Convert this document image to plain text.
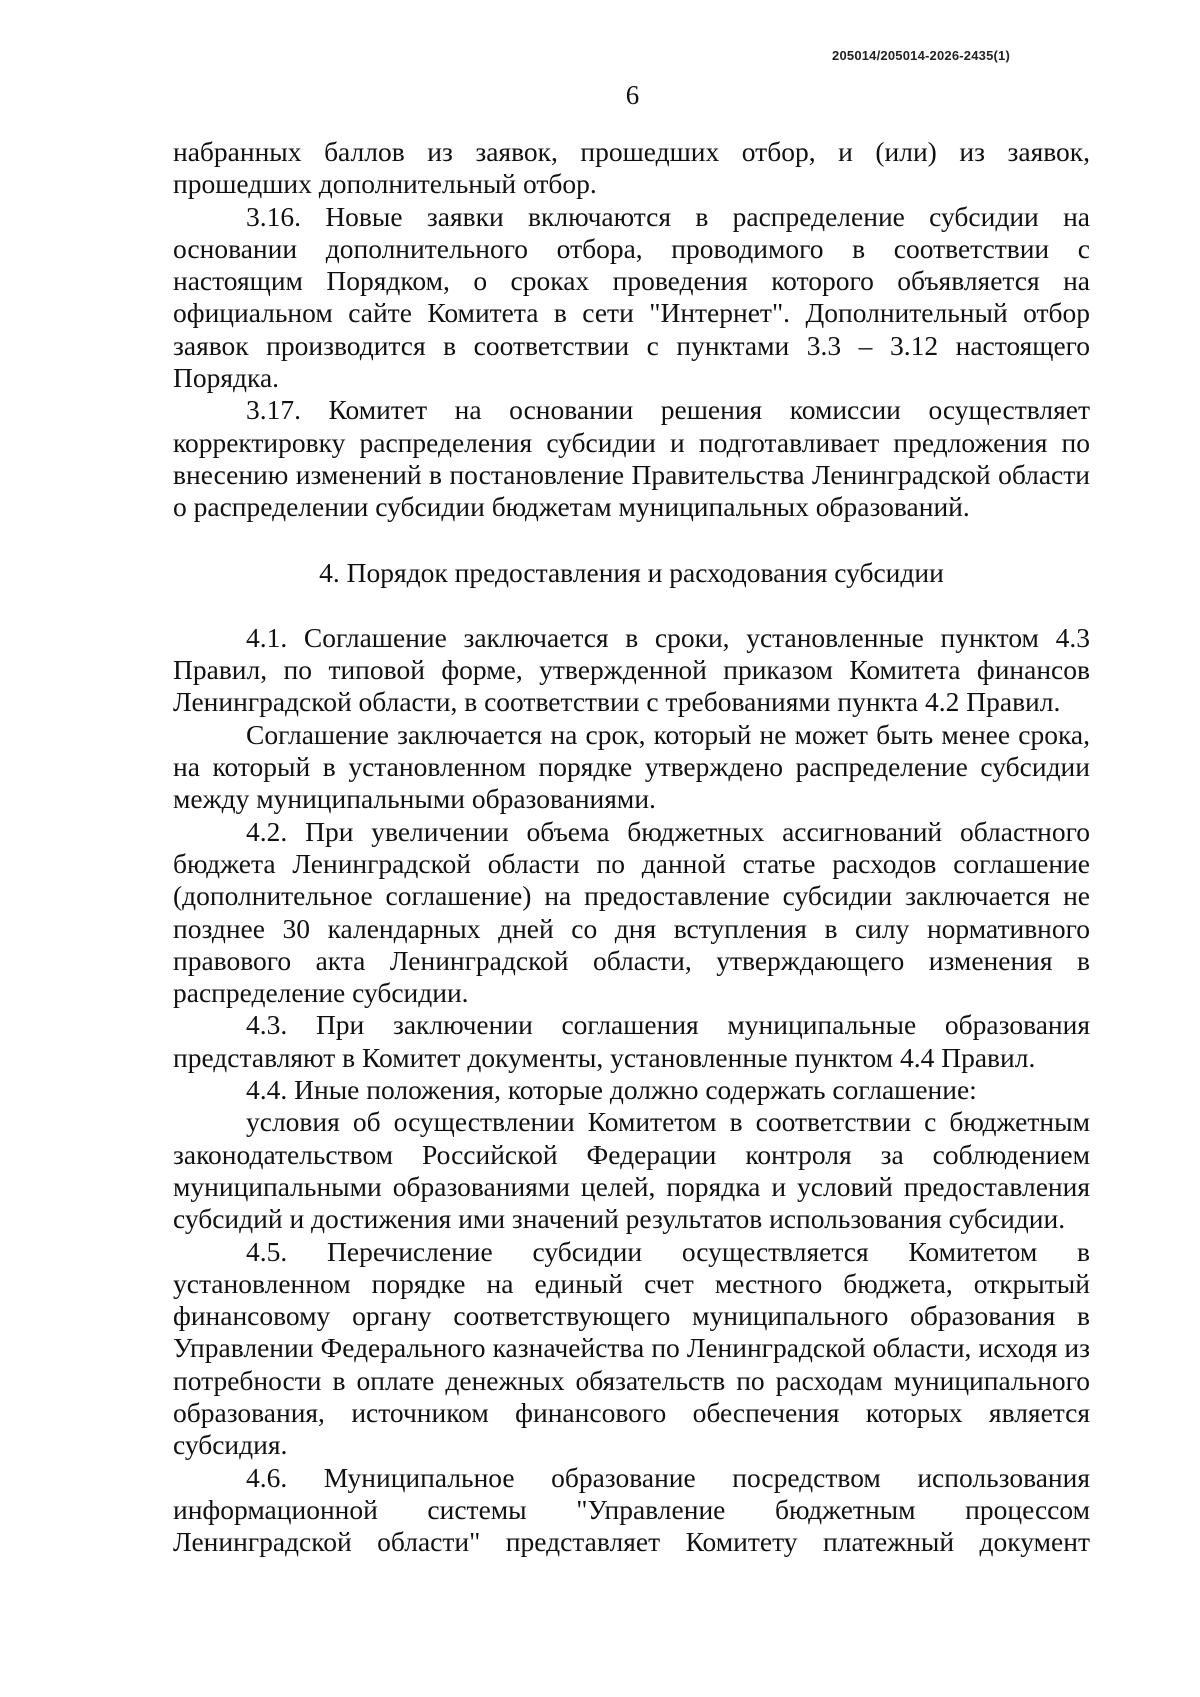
205014/205014-2026-2435(1)
6

набранных баллов из заявок, прошедших отбор, и (или) из заявок, прошедших дополнительный отбор.

3.16. Новые заявки включаются в распределение субсидии на основании дополнительного отбора, проводимого в соответствии с настоящим Порядком, о сроках проведения которого объявляется на официальном сайте Комитета в сети "Интернет". Дополнительный отбор заявок производится в соответствии с пунктами 3.3 – 3.12 настоящего Порядка.

3.17. Комитет на основании решения комиссии осуществляет корректировку распределения субсидии и подготавливает предложения по внесению изменений в постановление Правительства Ленинградской области о распределении субсидии бюджетам муниципальных образований.

4. Порядок предоставления и расходования субсидии

4.1. Соглашение заключается в сроки, установленные пунктом 4.3 Правил, по типовой форме, утвержденной приказом Комитета финансов Ленинградской области, в соответствии с требованиями пункта 4.2 Правил.

Соглашение заключается на срок, который не может быть менее срока, на который в установленном порядке утверждено распределение субсидии между муниципальными образованиями.

4.2. При увеличении объема бюджетных ассигнований областного бюджета Ленинградской области по данной статье расходов соглашение (дополнительное соглашение) на предоставление субсидии заключается не позднее 30 календарных дней со дня вступления в силу нормативного правового акта Ленинградской области, утверждающего изменения в распределение субсидии.

4.3. При заключении соглашения муниципальные образования представляют в Комитет документы, установленные пунктом 4.4 Правил.

4.4. Иные положения, которые должно содержать соглашение:

условия об осуществлении Комитетом в соответствии с бюджетным законодательством Российской Федерации контроля за соблюдением муниципальными образованиями целей, порядка и условий предоставления субсидий и достижения ими значений результатов использования субсидии.

4.5. Перечисление субсидии осуществляется Комитетом в установленном порядке на единый счет местного бюджета, открытый финансовому органу соответствующего муниципального образования в Управлении Федерального казначейства по Ленинградской области, исходя из потребности в оплате денежных обязательств по расходам муниципального образования, источником финансового обеспечения которых является субсидия.

4.6. Муниципальное образование посредством использования информационной системы "Управление бюджетным процессом Ленинградской области" представляет Комитету платежный документ
